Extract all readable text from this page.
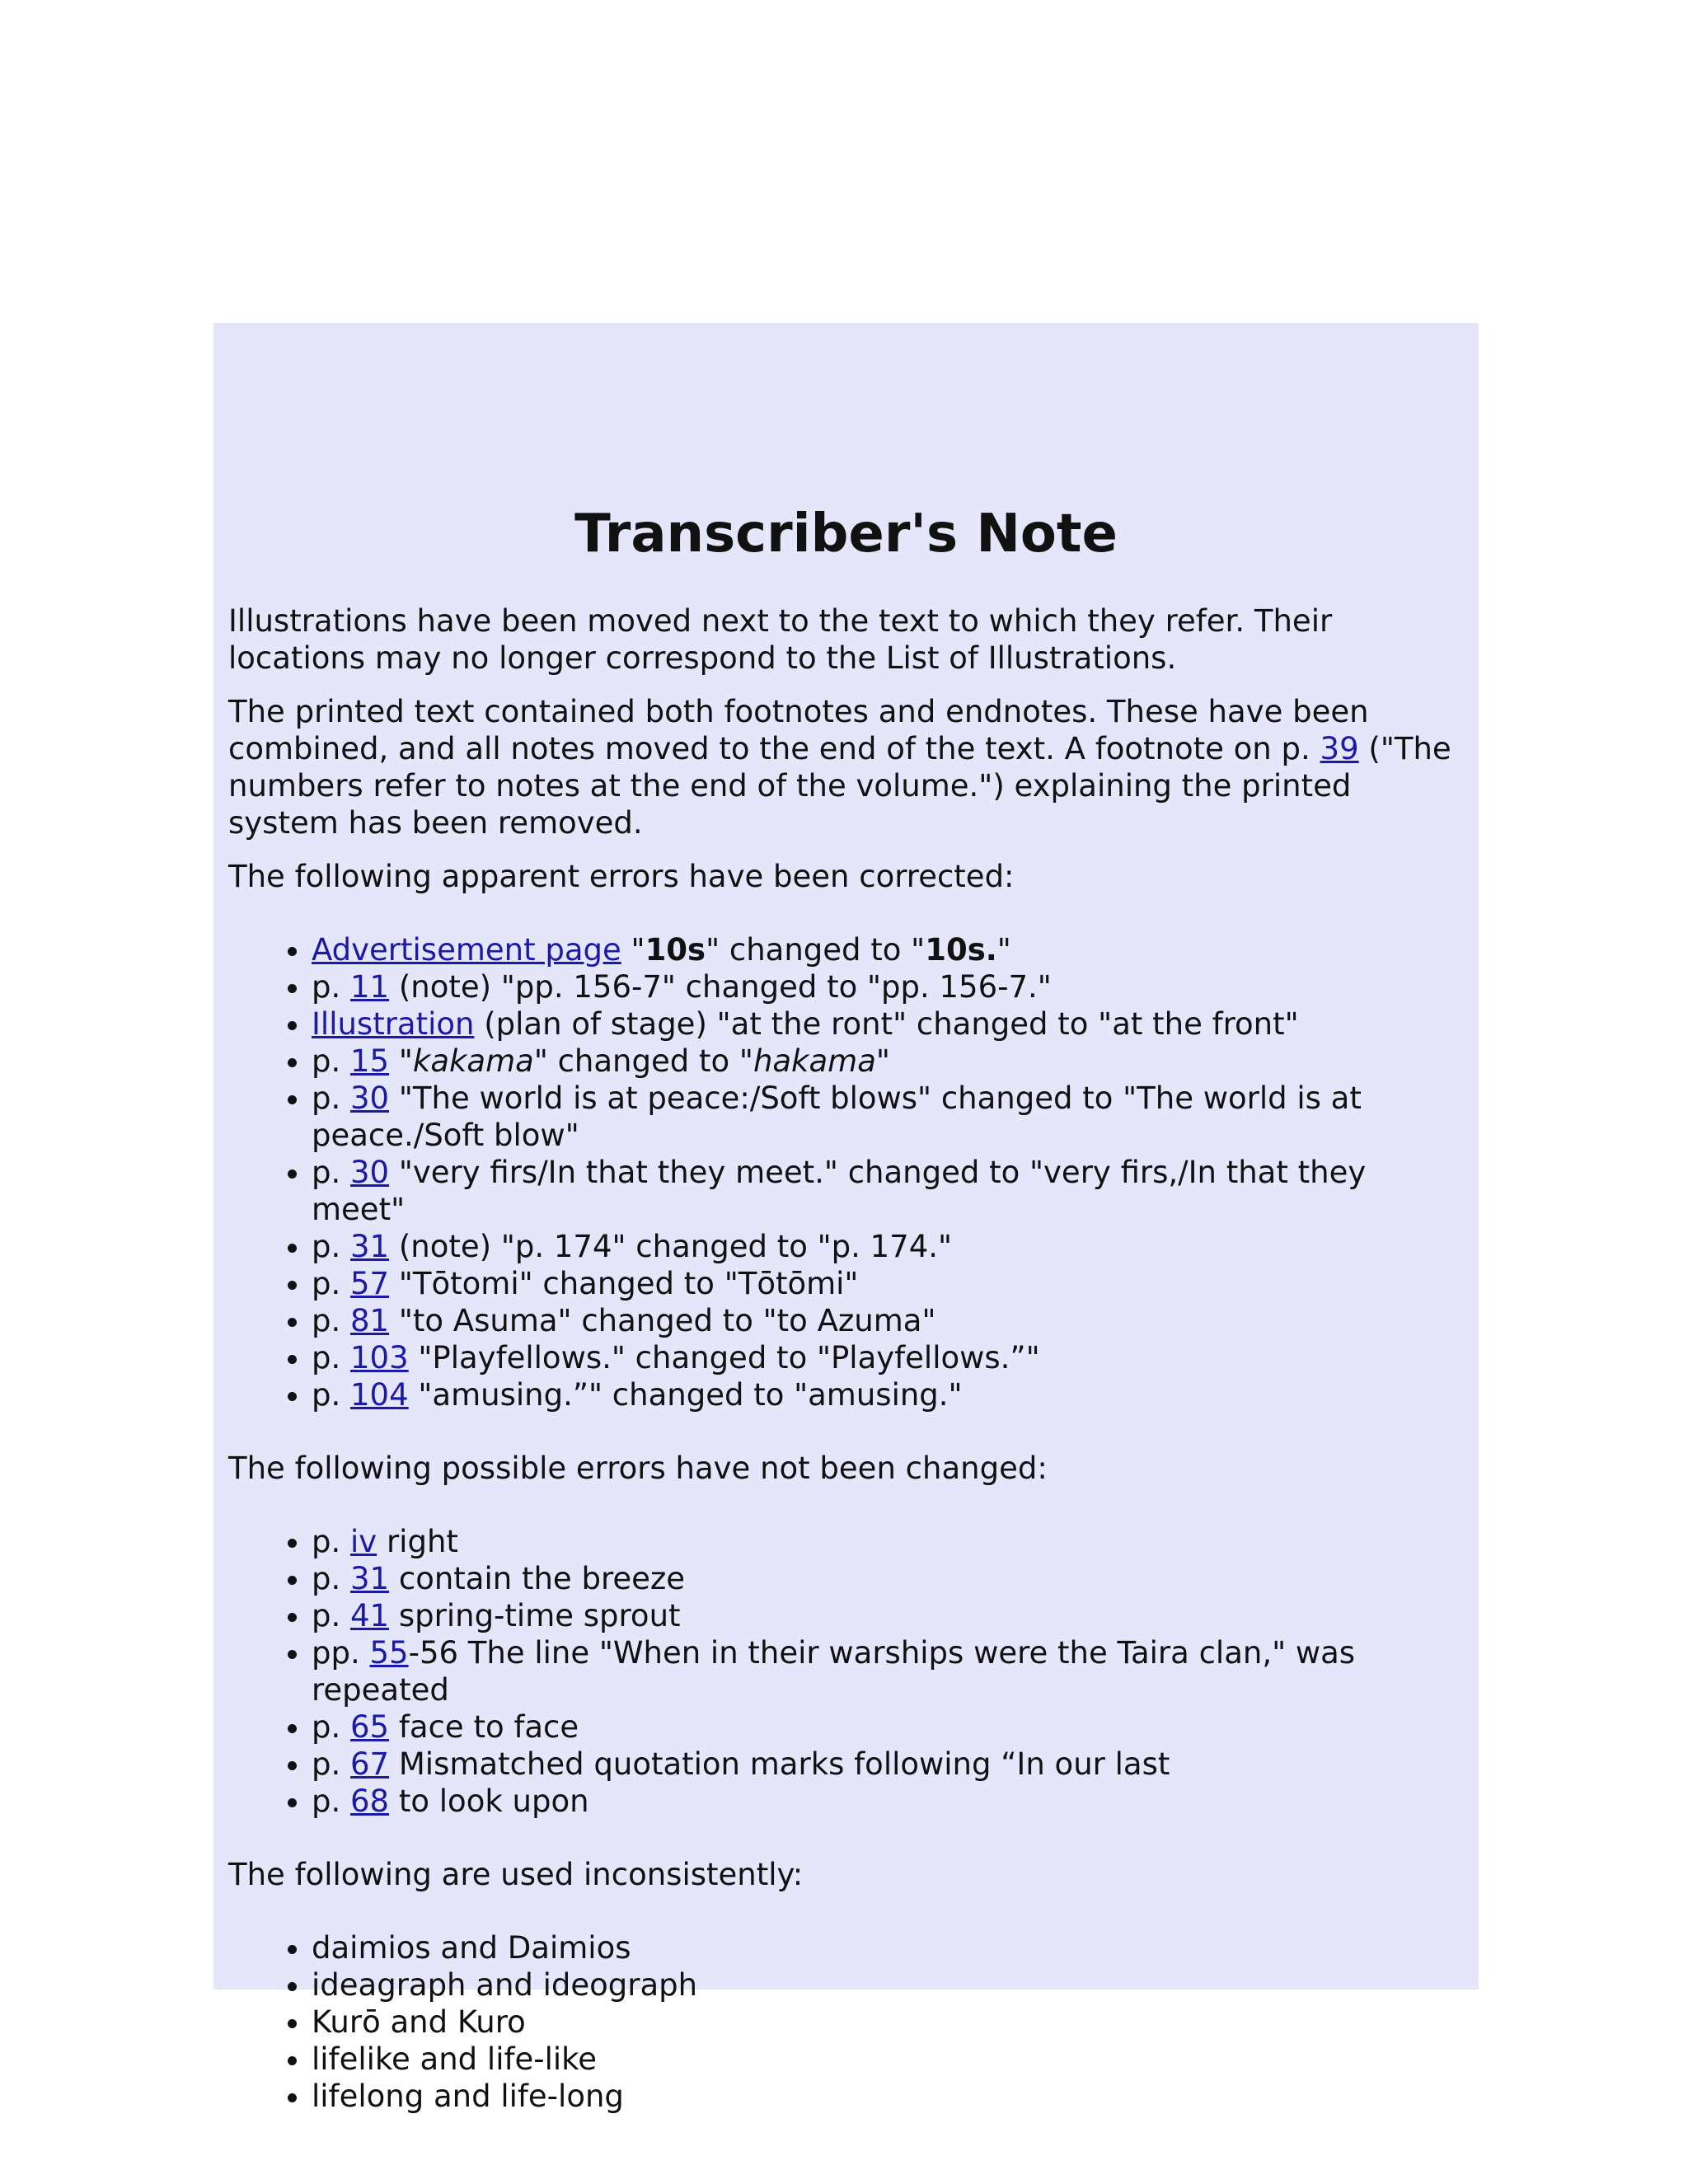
Transcriber's Note

Illustrations have been moved next to the text to which they refer. Their locations may no longer correspond to the List of Illustrations.

The printed text contained both footnotes and endnotes. These have been combined, and all notes moved to the end of the text. A footnote on p. 39 ("The numbers refer to notes at the end of the volume.") explaining the printed system has been removed.

The following apparent errors have been corrected:

• Advertisement page "10s" changed to "10s."
• p. 11 (note) "pp. 156-7" changed to "pp. 156-7."
• Illustration (plan of stage) "at the ront" changed to "at the front"
• p. 15 "kakama" changed to "hakama"
• p. 30 "The world is at peace:/Soft blows" changed to "The world is at peace./Soft blow"
• p. 30 "very firs/In that they meet." changed to "very firs,/In that they meet"
• p. 31 (note) "p. 174" changed to "p. 174."
• p. 57 "Tōtomi" changed to "Tōtōmi"
• p. 81 "to Asuma" changed to "to Azuma"
• p. 103 "Playfellows." changed to "Playfellows.”"
• p. 104 "amusing.”" changed to "amusing."

The following possible errors have not been changed:

• p. iv right
• p. 31 contain the breeze
• p. 41 spring-time sprout
• pp. 55-56 The line "When in their warships were the Taira clan," was repeated
• p. 65 face to face
• p. 67 Mismatched quotation marks following “In our last
• p. 68 to look upon

The following are used inconsistently:

• daimios and Daimios
• ideagraph and ideograph
• Kurō and Kuro
• lifelike and life-like
• lifelong and life-long
